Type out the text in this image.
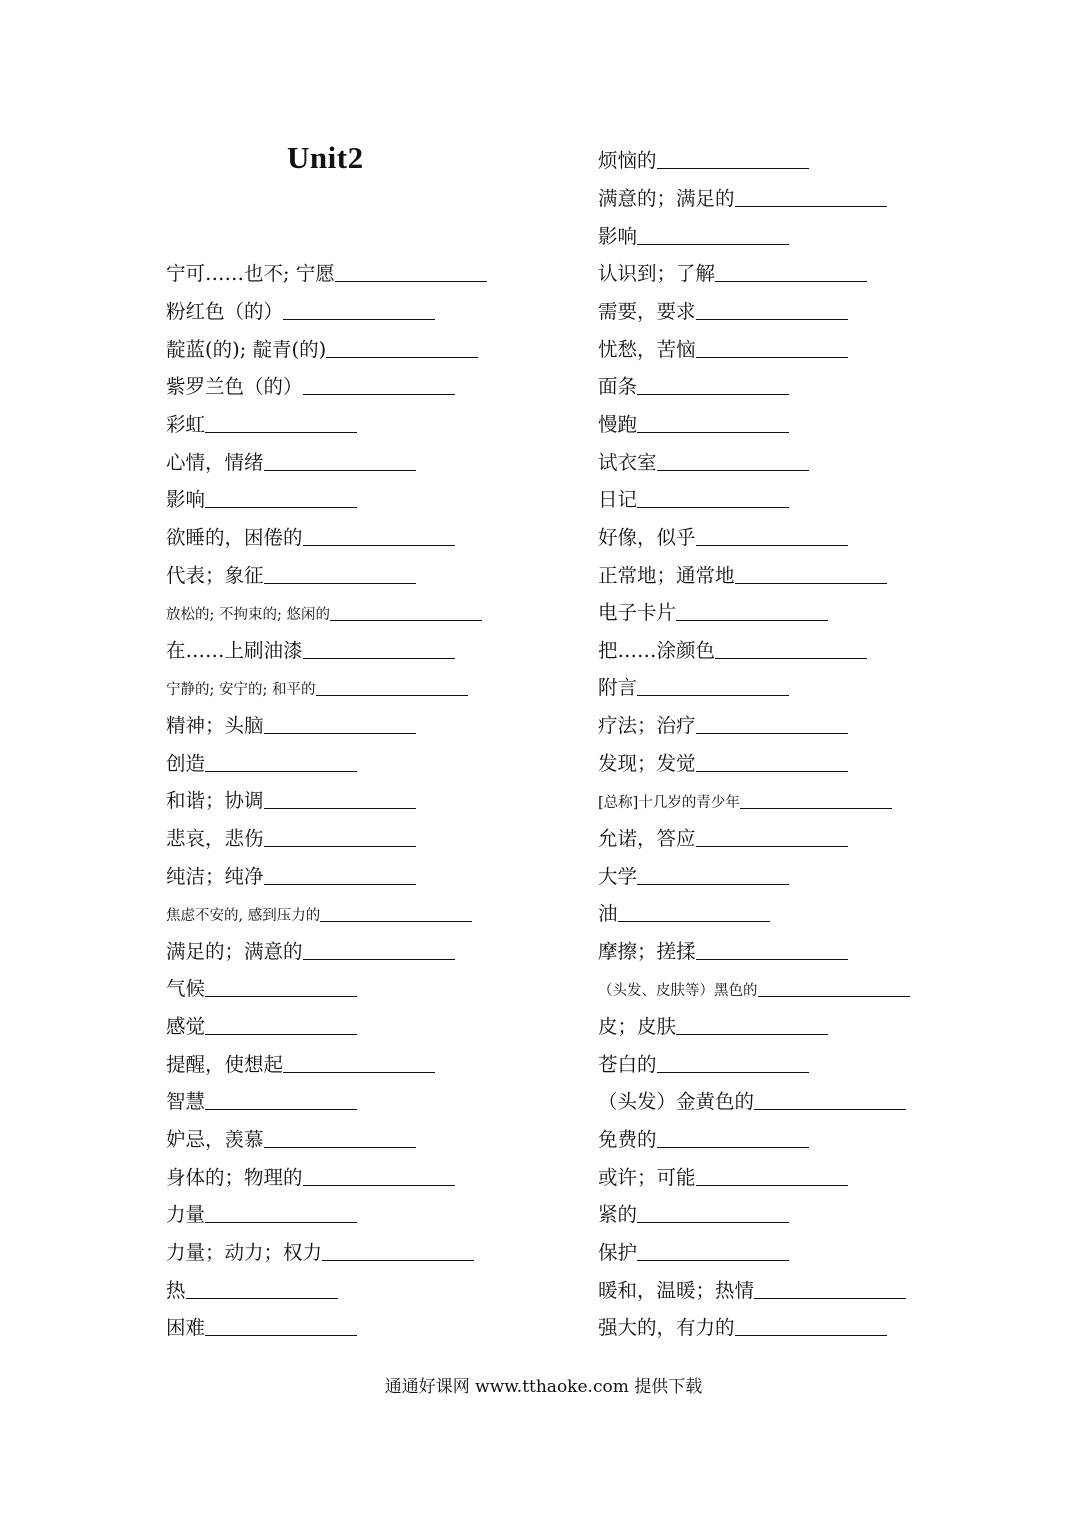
Unit2
宁可……也不; 宁愿
粉红色（的）
靛蓝(的); 靛青(的)
紫罗兰色（的）
彩虹
心情，情绪
影响
欲睡的，困倦的
代表；象征
放松的; 不拘束的; 悠闲的
在……上刷油漆
宁静的; 安宁的; 和平的
精神；头脑
创造
和谐；协调
悲哀，悲伤
纯洁；纯净
焦虑不安的, 感到压力的
满足的；满意的
气候
感觉
提醒，使想起
智慧
妒忌，羡慕
身体的；物理的
力量
力量；动力；权力
热
困难
烦恼的
满意的；满足的
影响
认识到；了解
需要，要求
忧愁，苦恼
面条
慢跑
试衣室
日记
好像，似乎
正常地；通常地
电子卡片
把……涂颜色
附言
疗法；治疗
发现；发觉
[总称]十几岁的青少年
允诺，答应
大学
油
摩擦；搓揉
（头发、皮肤等）黑色的
皮；皮肤
苍白的
（头发）金黄色的
免费的
或许；可能
紧的
保护
暖和，温暖；热情
强大的，有力的
通通好课网 www.tthaoke.com 提供下载
